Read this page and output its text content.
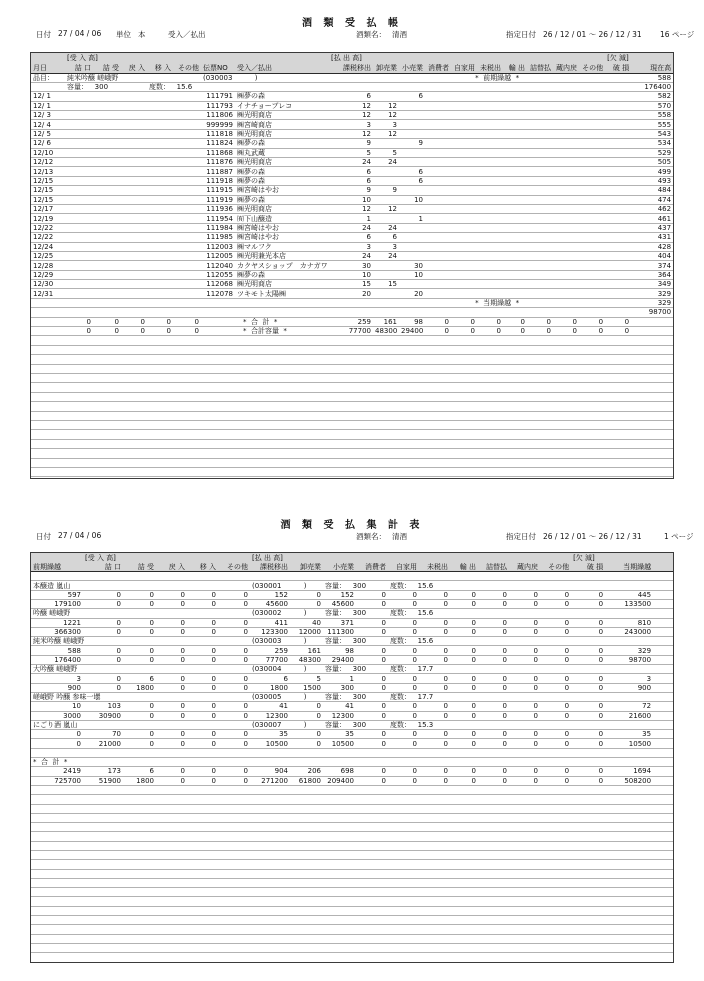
酒 類 受 払 帳
日付 27 / 04 / 06 単位 本	受入／払出	酒類名： 清酒	指定日付 26 / 12 / 01 ～ 26 / 12 / 31 16 ページ
	[受 入 高]							[払 出 高]										[欠 減]	
月日	詰 口	詰 受	戻 入	移 入	その他	伝票NO	受入／払出	課税移出	卸売業	小売業	消費者	自家用	未税出	輸 出	詰替払	蔵内戻	その他	破 損	現在高
品目：	純米吟醸 嵯峨野					(030003          )			*  前期繰越  *										588
	容量：   300			度数：   15.6															176400
12/ 1						111791	㈱夢の森	6		6									582
12/ 1						111793	イナチョーブレコ	12	12										570
12/ 3						111806	㈱光明商店	12	12										558
12/ 4						999999	㈱宮崎商店	3	3										555
12/ 5						111818	㈱光明商店	12	12										543
12/ 6						111824	㈱夢の森	9		9									534
12/10						111868	㈱丸武蔵	5	5										529
12/12						111876	㈱光明商店	24	24										505
12/13						111887	㈱夢の森	6		6									499
12/15						111918	㈱夢の森	6		6									493
12/15						111915	㈱宮崎はやお	9	9										484
12/15						111919	㈱夢の森	10		10									474
12/17						111936	㈱光明商店	12	12										462
12/19						111954	㈲下山醸造	1		1									461
12/22						111984	㈱宮崎はやお	24	24										437
12/22						111985	㈱宮崎はやお	6	6										431
12/24						112003	㈱マルフク	3	3										428
12/25						112005	㈱光明兼光本店	24	24										404
12/28						112040	カクヤスショップ　カナガワ	30		30									374
12/29						112055	㈱夢の森	10		10									364
12/30						112068	㈱光明商店	15	15										349
12/31						112078	ツキモト太陽㈱	20		20									329
*  当期繰越  *																			329
																			98700
	0	0	0	0	0		*  合  計  *	259	161	98	0	0	0	0	0	0	0	0	
	0	0	0	0	0		*  合計容量  *	77700	48300	29400	0	0	0	0	0	0	0	0	

酒 類 受 払 集 計 表
日付 27 / 04 / 06	酒類名： 清酒	指定日付 26 / 12 / 01 ～ 26 / 12 / 31	1 ページ
	[受 入 高]					[払 出 高]										[欠 減]		
前期繰越	詰 口	詰 受	戻 入	移 入	その他	課税移出	卸売業	小売業	消費者	自家用	未税出	輸 出	詰替払	蔵内戻	その他	破 損	当期繰越	

本醸造 嵐山						(030001          )		容量：   300		度数：   15.6								
597	0	0	0	0	0	152	0	152	0	0	0	0	0	0	0	0	445	
179100	0	0	0	0	0	45600	0	45600	0	0	0	0	0	0	0	0	133500	
吟醸 嵯峨野						(030002          )		容量：   300		度数：   15.6								
1221	0	0	0	0	0	411	40	371	0	0	0	0	0	0	0	0	810	
366300	0	0	0	0	0	123300	12000	111300	0	0	0	0	0	0	0	0	243000	
純米吟醸 嵯峨野						(030003          )		容量：   300		度数：   15.6								
588	0	0	0	0	0	259	161	98	0	0	0	0	0	0	0	0	329	
176400	0	0	0	0	0	77700	48300	29400	0	0	0	0	0	0	0	0	98700	
大吟醸 嵯峨野						(030004          )		容量：   300		度数：   17.7								
3	0	6	0	0	0	6	5	1	0	0	0	0	0	0	0	0	3	
900	0	1800	0	0	0	1800	1500	300	0	0	0	0	0	0	0	0	900	
嵯峨野 吟醸 参味一壜						(030005          )		容量：   300		度数：   17.7								
10	103	0	0	0	0	41	0	41	0	0	0	0	0	0	0	0	72	
3000	30900	0	0	0	0	12300	0	12300	0	0	0	0	0	0	0	0	21600	
にごり酒 嵐山						(030007          )		容量：   300		度数：   15.3								
0	70	0	0	0	0	35	0	35	0	0	0	0	0	0	0	0	35	
0	21000	0	0	0	0	10500	0	10500	0	0	0	0	0	0	0	0	10500	

*  合  計  *																		
2419	173	6	0	0	0	904	206	698	0	0	0	0	0	0	0	0	1694	
725700	51900	1800	0	0	0	271200	61800	209400	0	0	0	0	0	0	0	0	508200	
